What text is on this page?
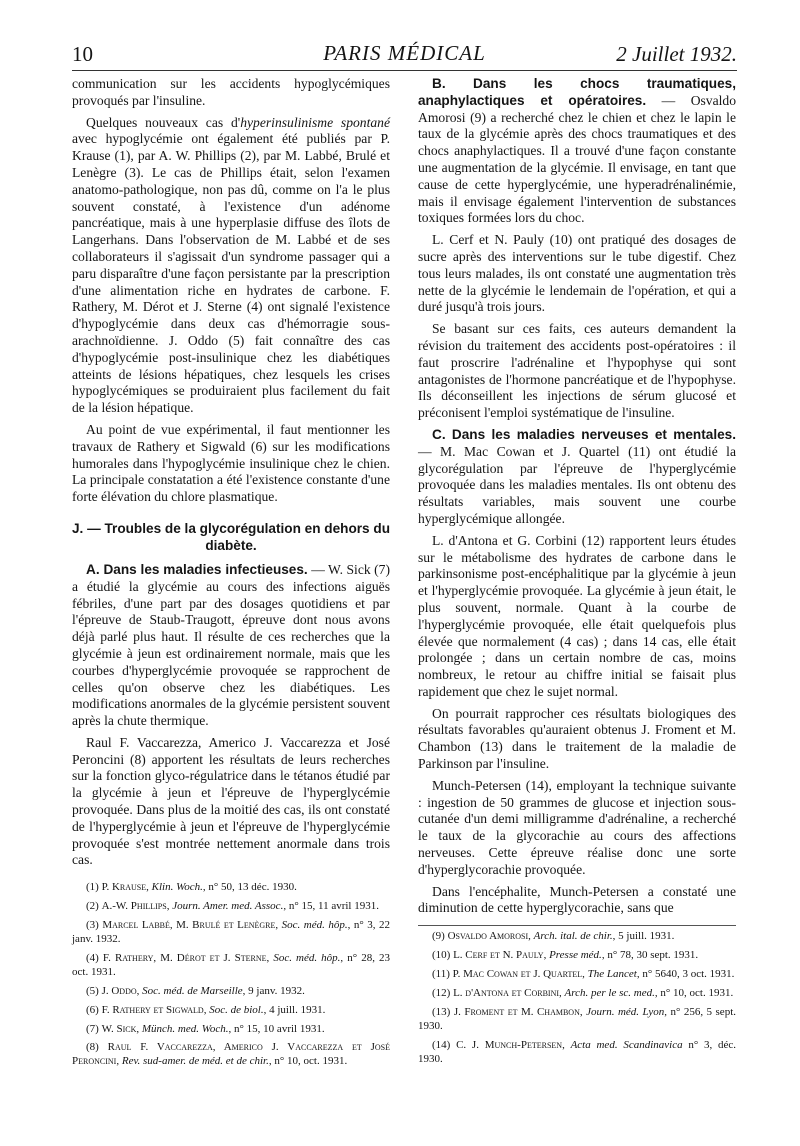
10	PARIS MÉDICAL	2 Juillet 1932.

communication sur les accidents hypoglycémiques provoqués par l'insuline.

Quelques nouveaux cas d'hyperinsulinisme spontané avec hypoglycémie ont également été publiés par P. Krause (1), par A. W. Phillips (2), par M. Labbé, Brulé et Lenègre (3). Le cas de Phillips était, selon l'examen anatomo-pathologique, non pas dû, comme on l'a le plus souvent constaté, à l'existence d'un adénome pancréatique, mais à une hyperplasie diffuse des îlots de Langerhans. Dans l'observation de M. Labbé et de ses collaborateurs il s'agissait d'un syndrome passager qui a paru disparaître d'une façon persistante par la prescription d'une alimentation riche en hydrates de carbone. F. Rathery, M. Dérot et J. Sterne (4) ont signalé l'existence d'hypoglycémie dans deux cas d'hémorragie sous-arachnoïdienne. J. Oddo (5) fait connaître des cas d'hypoglycémie post-insulinique chez les diabétiques atteints de lésions hépatiques, chez lesquels les crises hypoglycémiques se produiraient plus facilement du fait de la lésion hépatique.

Au point de vue expérimental, il faut mentionner les travaux de Rathery et Sigwald (6) sur les modifications humorales dans l'hypoglycémie insulinique chez le chien. La principale constatation a été l'existence constante d'une forte élévation du chlore plasmatique.

J. — Troubles de la glycorégulation en dehors du diabète.

A. Dans les maladies infectieuses. — W. Sick (7) a étudié la glycémie au cours des infections aiguës fébriles, d'une part par des dosages quotidiens et par l'épreuve de Staub-Traugott, épreuve dont nous avons déjà parlé plus haut. Il résulte de ces recherches que la glycémie à jeun est ordinairement normale, mais que les courbes d'hyperglycémie provoquée se rapprochent de celles qu'on observe chez les diabétiques. Les modifications anormales de la glycémie persistent souvent après la chute thermique.

Raul F. Vaccarezza, Americo J. Vaccarezza et José Peroncini (8) apportent les résultats de leurs recherches sur la fonction glyco-régulatrice dans le tétanos étudié par la glycémie à jeun et l'épreuve de l'hyperglycémie provoquée. Dans plus de la moitié des cas, ils ont constaté de l'hyperglycémie à jeun et l'épreuve de l'hyperglycémie provoquée s'est montrée nettement anormale dans trois cas.

(1) P. Krause, Klin. Woch., n° 50, 13 déc. 1930.

(2) A.-W. Phillips, Journ. Amer. med. Assoc., n° 15, 11 avril 1931.

(3) Marcel Labbé, M. Brulé et Lenègre, Soc. méd. hôp., n° 3, 22 janv. 1932.

(4) F. Rathery, M. Dérot et J. Sterne, Soc. méd. hôp., n° 28, 23 oct. 1931.

(5) J. Oddo, Soc. méd. de Marseille, 9 janv. 1932.

(6) F. Rathery et Sigwald, Soc. de biol., 4 juill. 1931.

(7) W. Sick, Münch. med. Woch., n° 15, 10 avril 1931.

(8) Raul F. Vaccarezza, Americo J. Vaccarezza et José Peroncini, Rev. sud-amer. de méd. et de chir., n° 10, oct. 1931.

B. Dans les chocs traumatiques, anaphylactiques et opératoires. — Osvaldo Amorosi (9) a recherché chez le chien et chez le lapin le taux de la glycémie après des chocs traumatiques et des chocs anaphylactiques. Il a trouvé d'une façon constante une augmentation de la glycémie. Il envisage, en tant que cause de cette hyperglycémie, une hyperadrénalinémie, mais il envisage également l'intervention de substances toxiques formées lors du choc.

L. Cerf et N. Pauly (10) ont pratiqué des dosages de sucre après des interventions sur le tube digestif. Chez tous leurs malades, ils ont constaté une augmentation très nette de la glycémie le lendemain de l'opération, et qui a duré jusqu'à trois jours.

Se basant sur ces faits, ces auteurs demandent la révision du traitement des accidents post-opératoires : il faut proscrire l'adrénaline et l'hypophyse qui sont antagonistes de l'hormone pancréatique et de l'hypophyse. Ils déconseillent les injections de sérum glucosé et préconisent l'emploi systématique de l'insuline.

C. Dans les maladies nerveuses et mentales. — M. Mac Cowan et J. Quartel (11) ont étudié la glycorégulation par l'épreuve de l'hyperglycémie provoquée dans les maladies mentales. Ils ont obtenu des résultats variables, mais souvent une courbe hyperglycémique allongée.

L. d'Antona et G. Corbini (12) rapportent leurs études sur le métabolisme des hydrates de carbone dans le parkinsonisme post-encéphalitique par la glycémie à jeun et l'hyperglycémie provoquée. La glycémie à jeun était, le plus souvent, normale. Quant à la courbe de l'hyperglycémie provoquée, elle était quelquefois plus élevée que normalement (4 cas) ; dans 14 cas, elle était prolongée ; dans un certain nombre de cas, moins nombreux, le retour au chiffre initial se faisait plus rapidement que chez le sujet normal.

On pourrait rapprocher ces résultats biologiques des résultats favorables qu'auraient obtenus J. Froment et M. Chambon (13) dans le traitement de la maladie de Parkinson par l'insuline.

Munch-Petersen (14), employant la technique suivante : ingestion de 50 grammes de glucose et injection sous-cutanée d'un demi milligramme d'adrénaline, a recherché le taux de la glycorachie au cours des affections nerveuses. Cette épreuve réalise donc une sorte d'hyperglycorachie provoquée.

Dans l'encéphalite, Munch-Petersen a constaté une diminution de cette hyperglycorachie, sans que

(9) Osvaldo Amorosi, Arch. ital. de chir., 5 juill. 1931.

(10) L. Cerf et N. Pauly, Presse méd., n° 78, 30 sept. 1931.

(11) P. Mac Cowan et J. Quartel, The Lancet, n° 5640, 3 oct. 1931.

(12) L. d'Antona et Corbini, Arch. per le sc. med., n° 10, oct. 1931.

(13) J. Froment et M. Chambon, Journ. méd. Lyon, n° 256, 5 sept. 1930.

(14) C. J. Munch-Petersen, Acta med. Scandinavica n° 3, déc. 1930.
